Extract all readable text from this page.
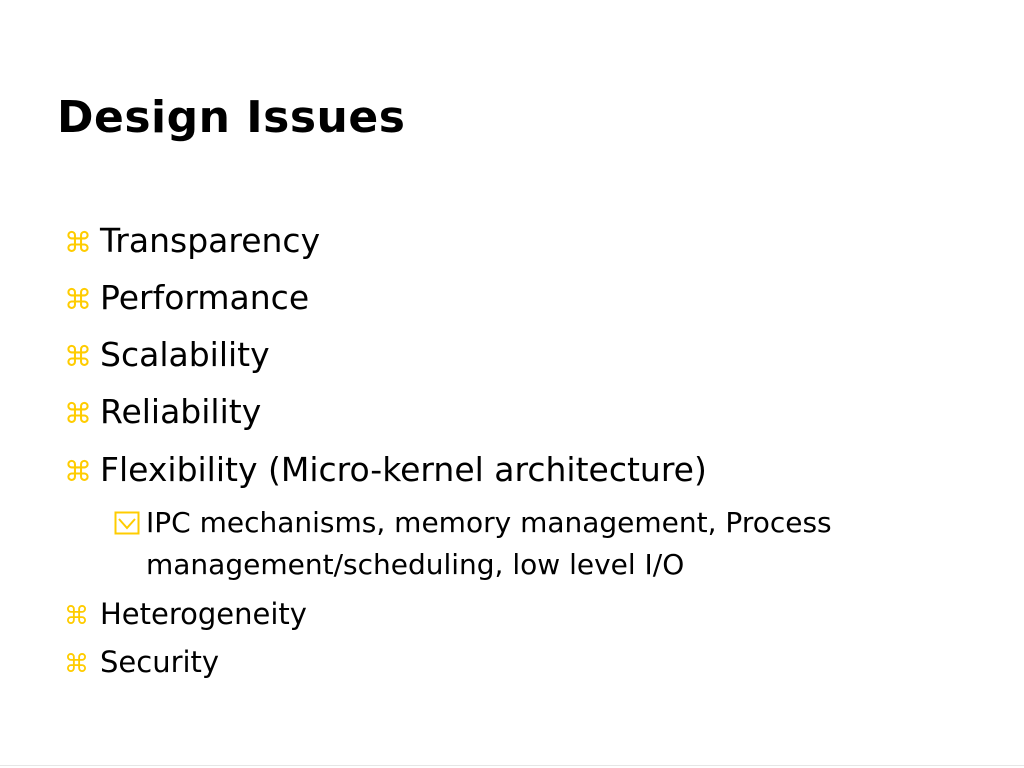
Design Issues
⌘ Transparency
⌘ Performance
⌘ Scalability
⌘ Reliability
⌘ Flexibility (Micro-kernel architecture)
IPC mechanisms, memory management, Process
management/scheduling, low level I/O
⌘ Heterogeneity
⌘ Security
